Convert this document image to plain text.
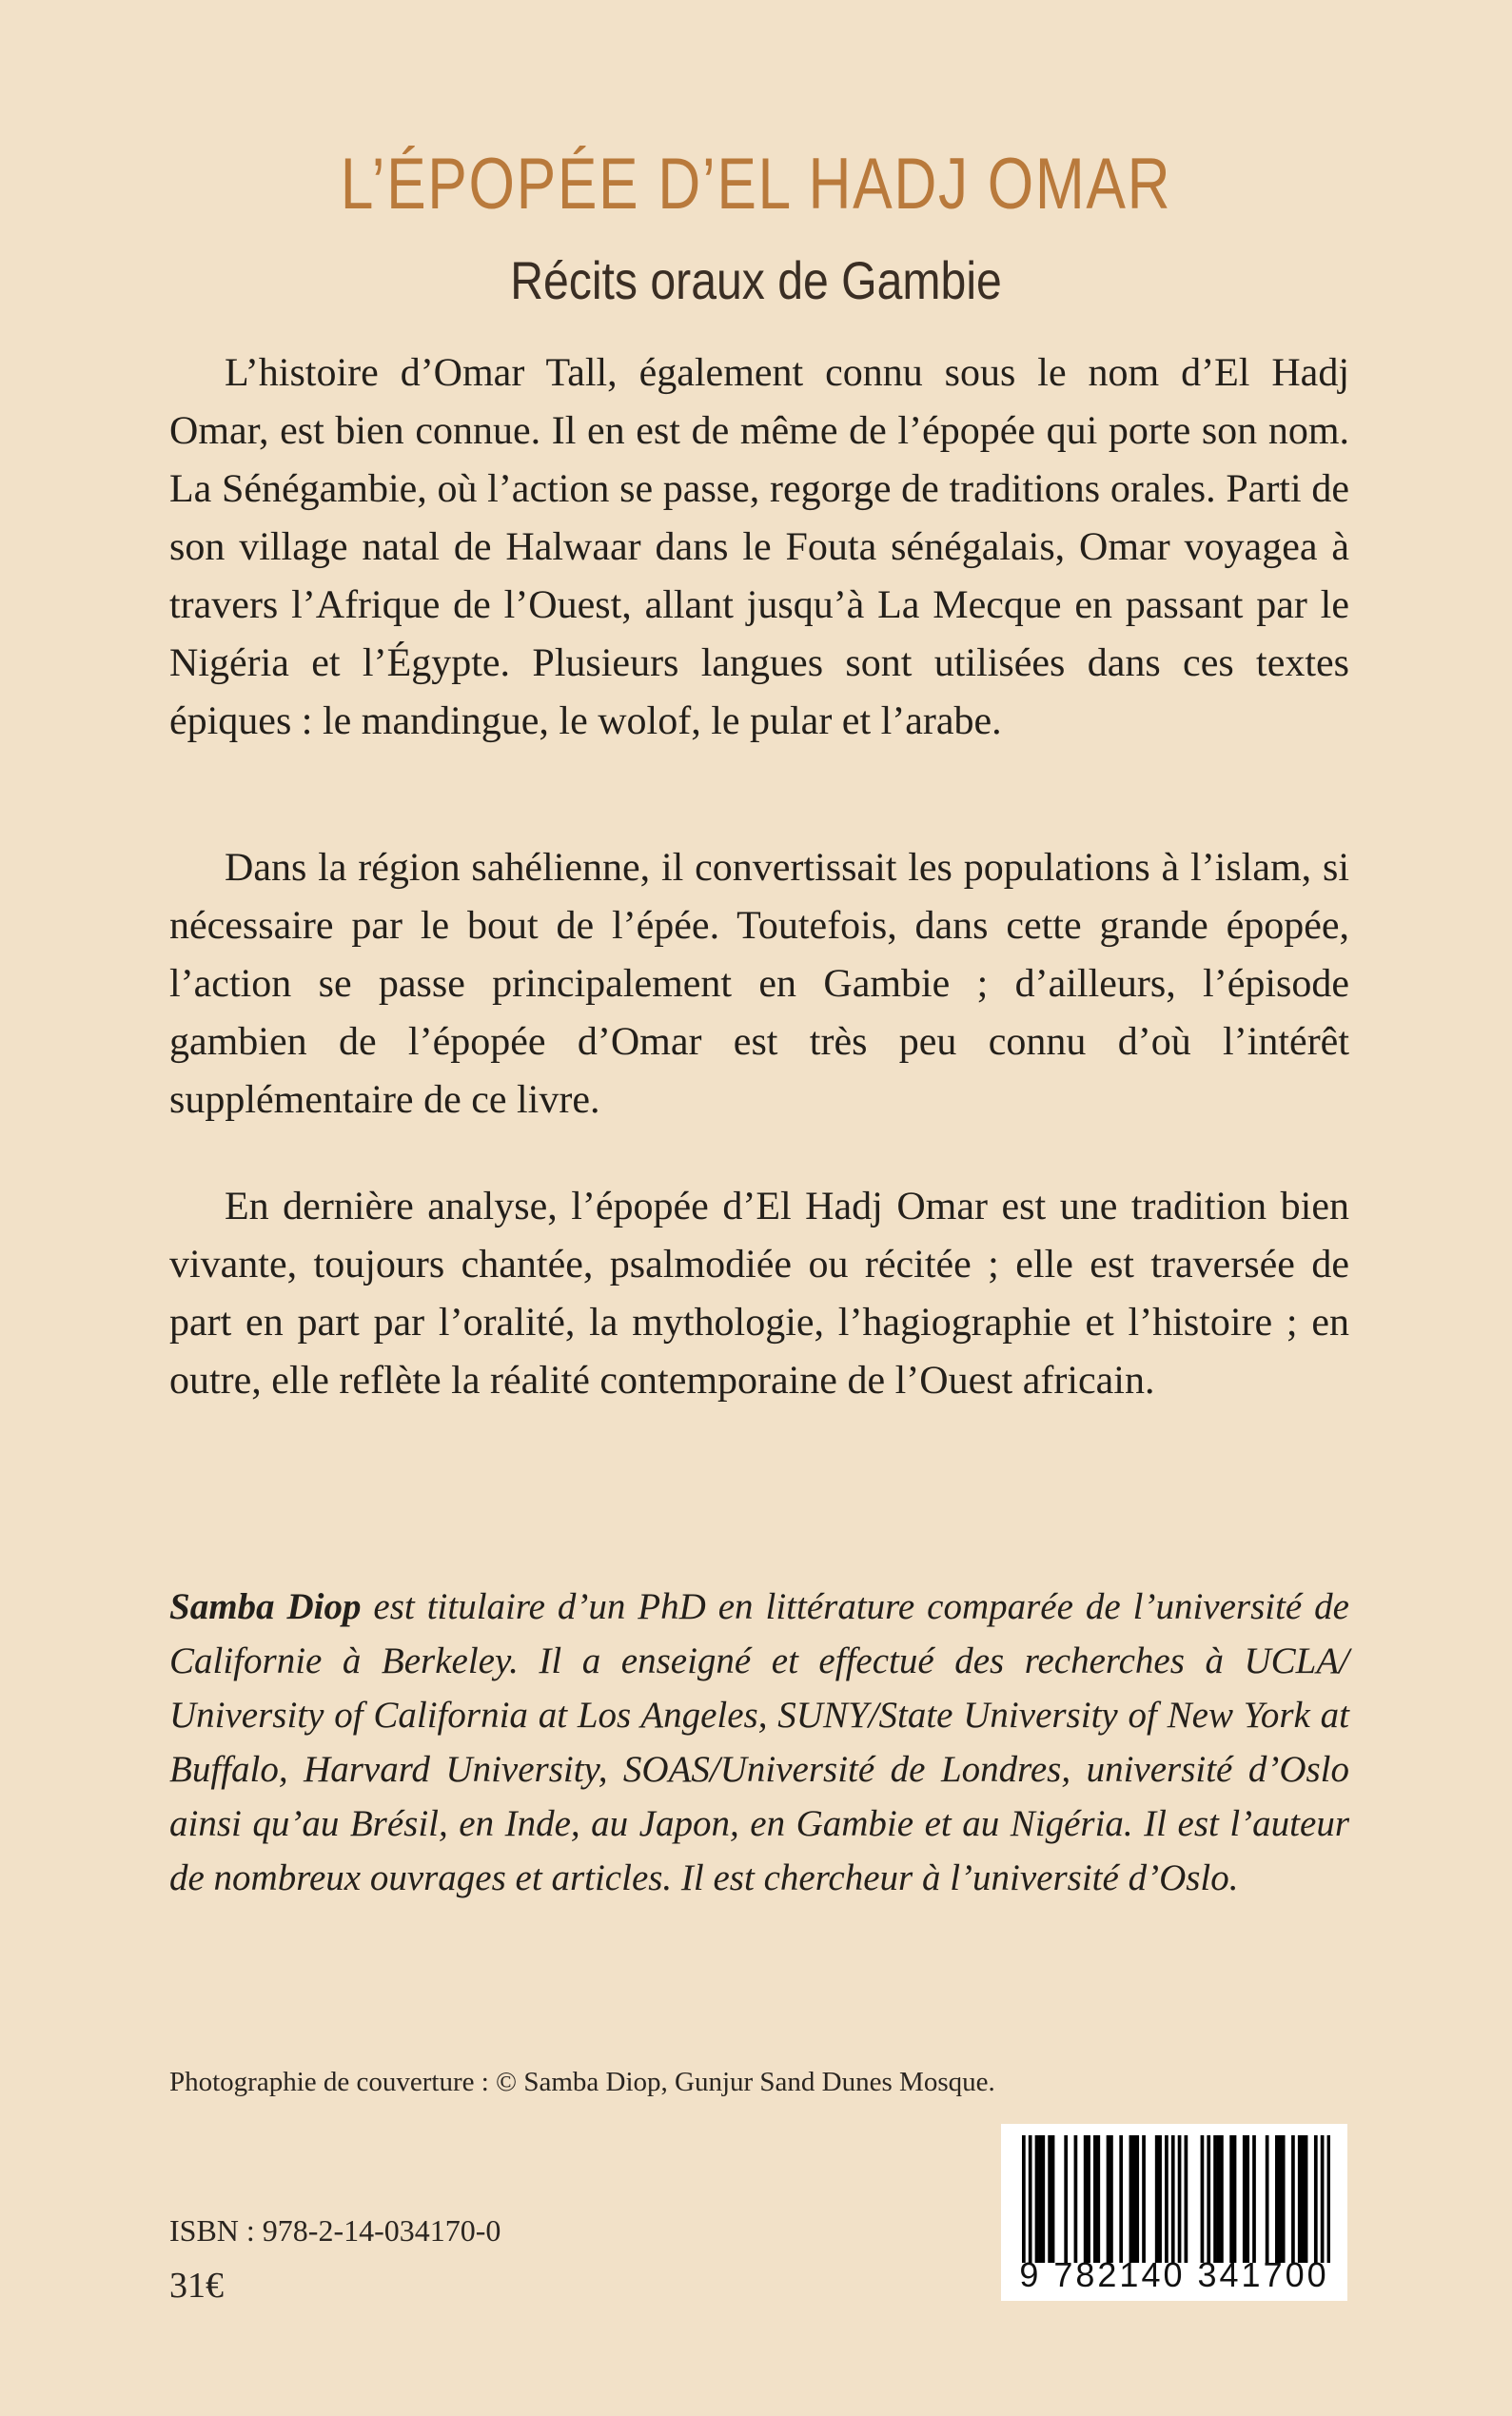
L’ÉPOPÉE D’EL HADJ OMAR
Récits oraux de Gambie

L’histoire d’Omar Tall, également connu sous le nom d’El Hadj Omar, est bien connue. Il en est de même de l’épopée qui porte son nom. La Sénégambie, où l’action se passe, regorge de traditions orales. Parti de son village natal de Halwaar dans le Fouta sénégalais, Omar voyagea à travers l’Afrique de l’Ouest, allant jusqu’à La Mecque en passant par le Nigéria et l’Égypte. Plusieurs langues sont utilisées dans ces textes épiques : le mandingue, le wolof, le pular et l’arabe.

Dans la région sahélienne, il convertissait les populations à l’islam, si nécessaire par le bout de l’épée. Toutefois, dans cette grande épopée, l’action se passe principalement en Gambie ; d’ailleurs, l’épisode gambien de l’épopée d’Omar est très peu connu d’où l’intérêt supplémentaire de ce livre.

En dernière analyse, l’épopée d’El Hadj Omar est une tradition bien vivante, toujours chantée, psalmodiée ou récitée ; elle est traversée de part en part par l’oralité, la mythologie, l’hagiographie et l’histoire ; en outre, elle reflète la réalité contemporaine de l’Ouest africain.

Samba Diop est titulaire d’un PhD en littérature comparée de l’université de Californie à Berkeley. Il a enseigné et effectué des recherches à UCLA/ University of California at Los Angeles, SUNY/State University of New York at Buffalo, Harvard University, SOAS/Université de Londres, université d’Oslo ainsi qu’au Brésil, en Inde, au Japon, en Gambie et au Nigéria. Il est l’auteur de nombreux ouvrages et articles. Il est chercheur à l’université d’Oslo.

Photographie de couverture : © Samba Diop, Gunjur Sand Dunes Mosque.

ISBN : 978-2-14-034170-0

31€	9 782140 341700
